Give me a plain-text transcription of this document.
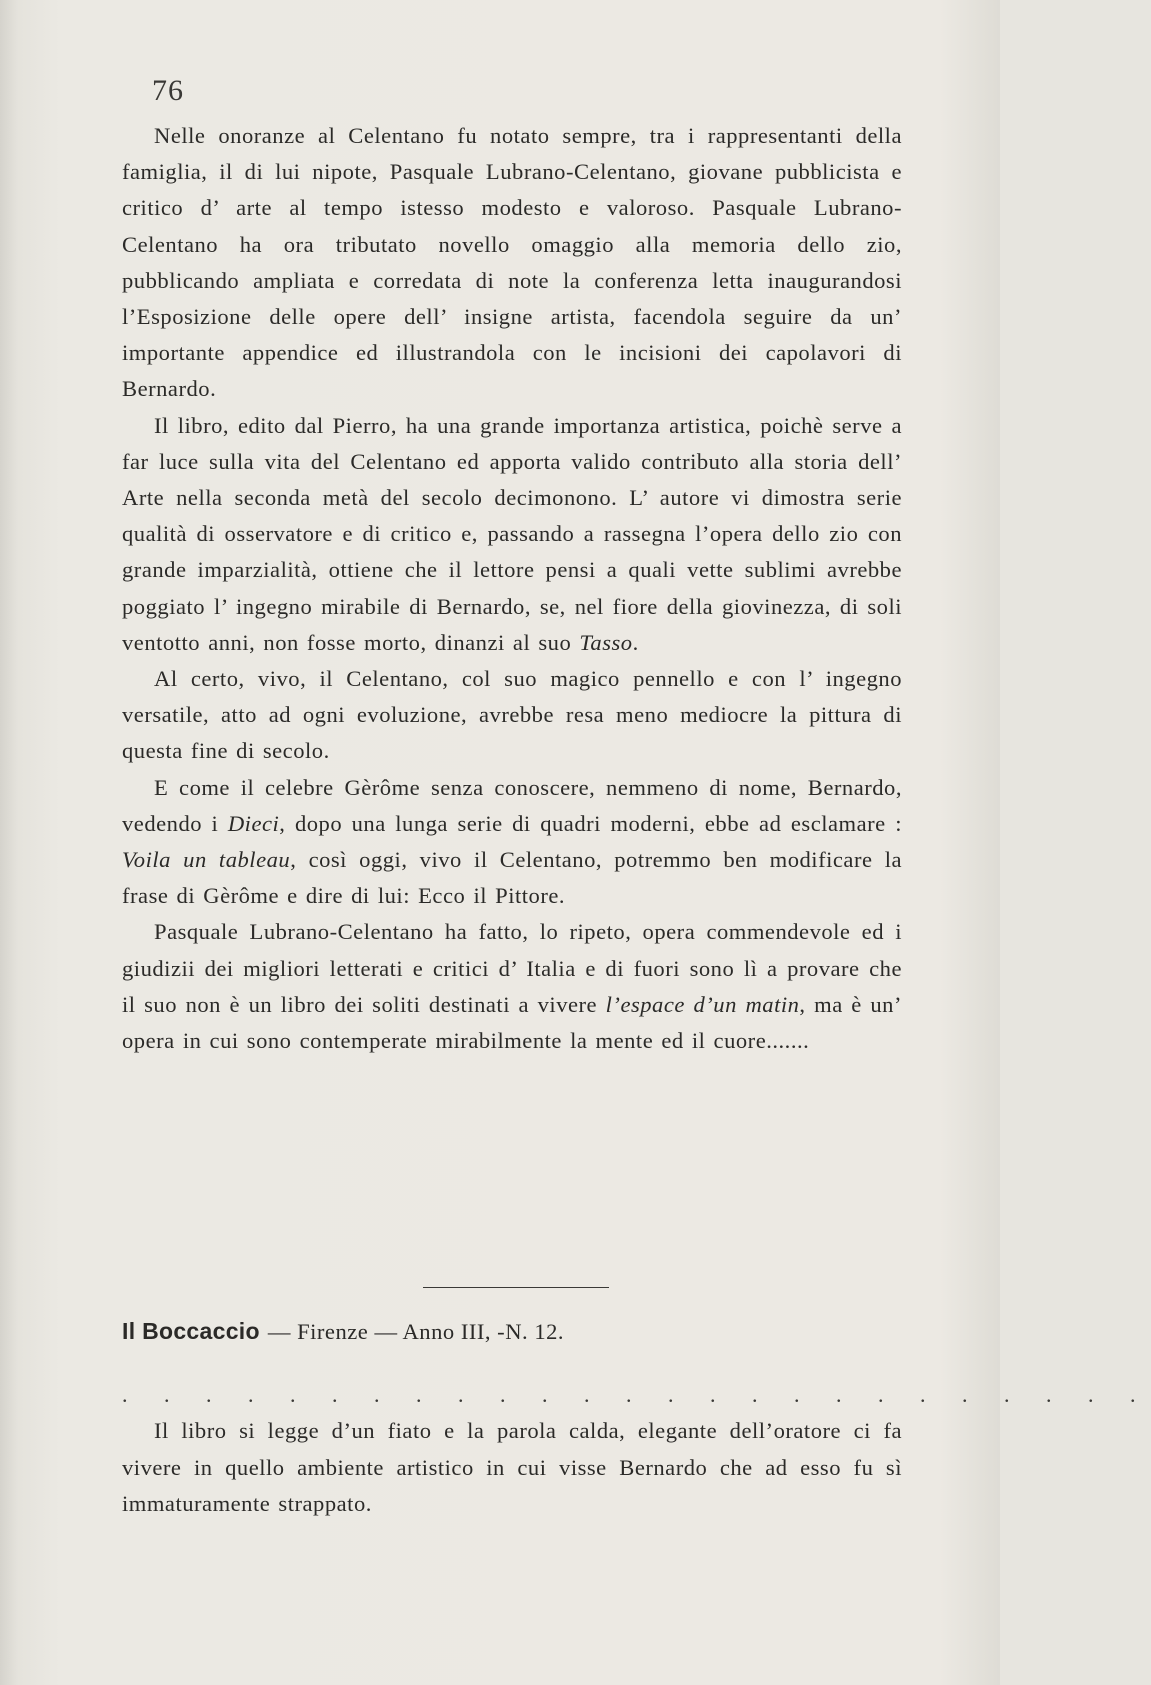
76

Nelle onoranze al Celentano fu notato sempre, tra i rappresentanti della famiglia, il di lui nipote, Pasquale Lubrano-Celentano, giovane pubblicista e critico d’ arte al tempo istesso modesto e valoroso. Pasquale Lubrano-Celentano ha ora tributato novello omaggio alla memoria dello zio, pubblicando ampliata e corredata di note la conferenza letta inaugurandosi l’Esposizione delle opere dell’ insigne artista, facendola seguire da un’ importante appendice ed illustrandola con le incisioni dei capolavori di Bernardo.

Il libro, edito dal Pierro, ha una grande importanza artistica, poichè serve a far luce sulla vita del Celentano ed apporta valido contributo alla storia dell’ Arte nella seconda metà del secolo decimonono. L’ autore vi dimostra serie qualità di osservatore e di critico e, passando a rassegna l’opera dello zio con grande imparzialità, ottiene che il lettore pensi a quali vette sublimi avrebbe poggiato l’ ingegno mirabile di Bernardo, se, nel fiore della giovinezza, di soli ventotto anni, non fosse morto, dinanzi al suo Tasso.

Al certo, vivo, il Celentano, col suo magico pennello e con l’ ingegno versatile, atto ad ogni evoluzione, avrebbe resa meno mediocre la pittura di questa fine di secolo.

E come il celebre Gèrôme senza conoscere, nemmeno di nome, Bernardo, vedendo i Dieci, dopo una lunga serie di quadri moderni, ebbe ad esclamare : Voila un tableau, così oggi, vivo il Celentano, potremmo ben modificare la frase di Gèrôme e dire di lui: Ecco il Pittore.

Pasquale Lubrano-Celentano ha fatto, lo ripeto, opera commendevole ed i giudizii dei migliori letterati e critici d’ Italia e di fuori sono lì a provare che il suo non è un libro dei soliti destinati a vivere l’espace d’un matin, ma è un’ opera in cui sono contemperate mirabilmente la mente ed il cuore.......

Il Boccaccio — Firenze — Anno III, -N. 12.
. . . . . . . . . . . . . . . . . . . . . . . . .

Il libro si legge d’un fiato e la parola calda, elegante dell’oratore ci fa vivere in quello ambiente artistico in cui visse Bernardo che ad esso fu sì immaturamente strappato.
